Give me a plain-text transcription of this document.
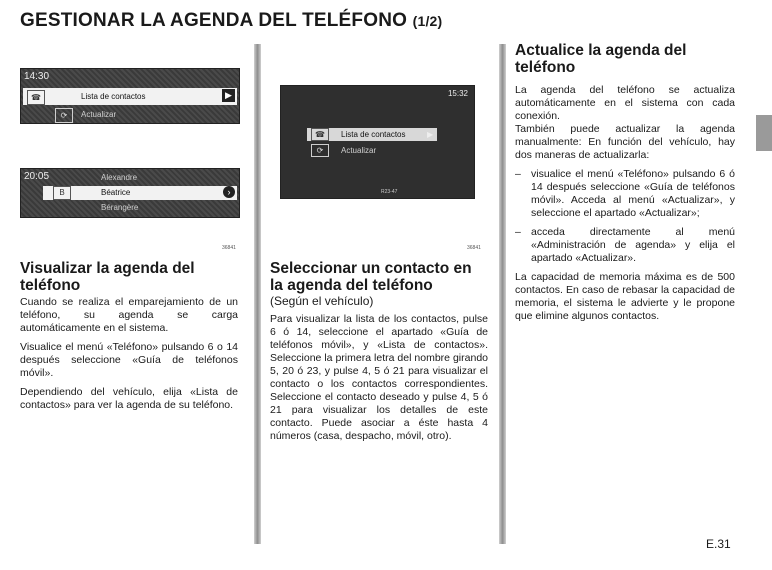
GESTIONAR LA AGENDA DEL TELÉFONO (1/2)
14:30
☎	Lista de contactos	▶
⟳	Actualizar
20:05	Alexandre
B	Béatrice	›
Bérangère
36841
15:32
☎	Lista de contactos	▶
⟳	Actualizar
R23-47
36841
Visualizar la agenda del teléfono

Cuando se realiza el emparejamiento de un teléfono, su agenda se carga automáticamente en el sistema.

Visualice el menú «Teléfono» pulsando 6 o 14 después seleccione «Guía de teléfonos móvil».

Dependiendo del vehículo, elija «Lista de contactos» para ver la agenda de su teléfono.

Seleccionar un contacto en la agenda del teléfono
(Según el vehículo)

Para visualizar la lista de los contactos, pulse 6 ó 14, seleccione el apartado «Guía de teléfonos móvil», y «Lista de contactos». Seleccione la primera letra del nombre girando 5, 20 ó 23, y pulse 4, 5 ó 21 para visualizar el contacto o los contactos correspondientes. Seleccione el contacto deseado y pulse 4, 5 ó 21 para visualizar los detalles de este contacto. Puede asociar a éste hasta 4 números (casa, despacho, móvil, otro).

Actualice la agenda del teléfono

La agenda del teléfono se actualiza automáticamente en el sistema con cada conexión.

También puede actualizar la agenda manualmente: En función del vehículo, hay dos maneras de actualizarla:

– visualice el menú «Teléfono» pulsando 6 ó 14 después seleccione «Guía de teléfonos móvil». Acceda al menú «Actualizar», y seleccione el apartado «Actualizar»;

– acceda directamente al menú «Administración de agenda» y elija el apartado «Actualizar».

La capacidad de memoria máxima es de 500 contactos. En caso de rebasar la capacidad de memoria, el sistema le advierte y le propone que elimine algunos contactos.

E.31
